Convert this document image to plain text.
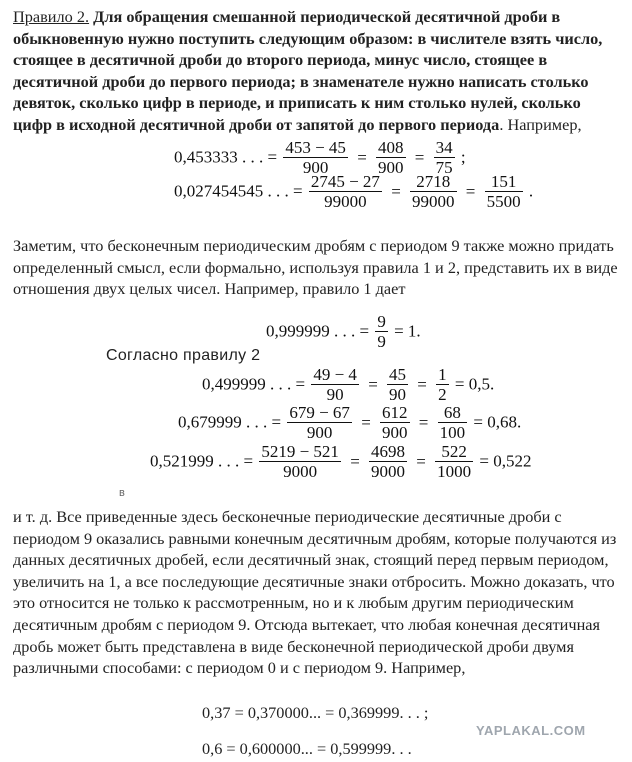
Правило 2. Для обращения смешанной периодической десятичной дроби в обыкновенную нужно поступить следующим образом: в числителе взять число, стоящее в десятичной дроби до второго периода, минус число, стоящее в десятичной дроби до первого периода; в знаменателе нужно написать столько девяток, сколько цифр в периоде, и приписать к ним столько нулей, сколько цифр в исходной десятичной дроби от запятой до первого периода. Например,
0,453333 . . . = $\frac{453 - 45}{900} = \frac{408}{900} = \frac{34}{75}$ ;
0,027454545 . . . = $\frac{2745 - 27}{99000} = \frac{2718}{99000} = \frac{151}{5500}$ .
Заметим, что бесконечным периодическим дробям с периодом 9 также можно придать определенный смысл, если формально, используя правила 1 и 2, представить их в виде отношения двух целых чисел. Например, правило 1 дает
0,999999 . . . = $\frac{9}{9} = 1$.
Согласно правилу 2
0,499999 . . . = $\frac{49 - 4}{90} = \frac{45}{90} = \frac{1}{2} = 0,5$.
0,679999 . . . = $\frac{679 - 67}{900} = \frac{612}{900} = \frac{68}{100} = 0,68$.
0,521999 . . . = $\frac{5219 - 521}{9000} = \frac{4698}{9000} = \frac{522}{1000} = 0,522$
в
и т. д. Все приведенные здесь бесконечные периодические десятичные дроби с периодом 9 оказались равными конечным десятичным дробям, которые получаются из данных десятичных дробей, если десятичный знак, стоящий перед первым периодом, увеличить на 1, а все последующие десятичные знаки отбросить. Можно доказать, что это относится не только к рассмотренным, но и к любым другим периодическим десятичным дробям с периодом 9. Отсюда вытекает, что любая конечная десятичная дробь может быть представлена в виде бесконечной периодической дроби двумя различными способами: с периодом 0 и с периодом 9. Например,
0,37 = 0,370000... = 0,369999. . . ;
0,6 = 0,600000... = 0,599999. . .
YAPLAKAL.COM
